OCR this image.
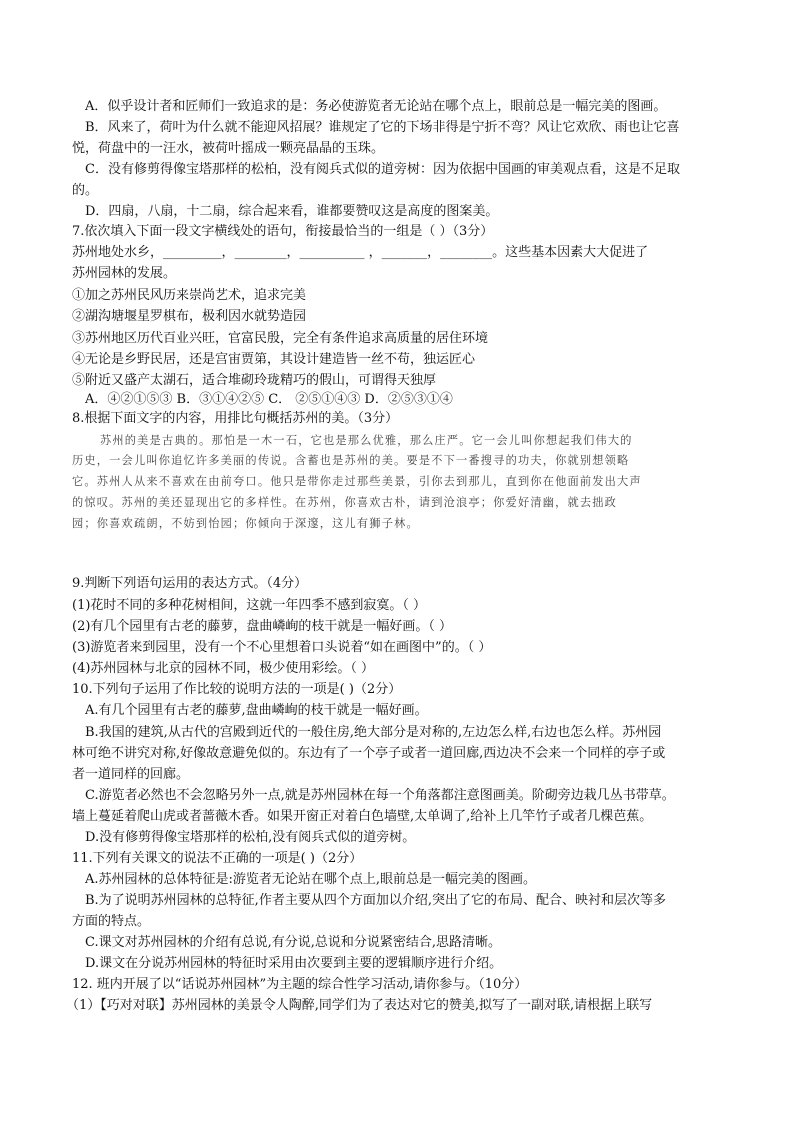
A．似乎设计者和匠师们一致追求的是：务必使游览者无论站在哪个点上，眼前总是一幅完美的图画。
B．风来了，荷叶为什么就不能迎风招展？谁规定了它的下场非得是宁折不弯？风让它欢欣、雨也让它喜
悦，荷盘中的一汪水，被荷叶摇成一颗亮晶晶的玉珠。
C．没有修剪得像宝塔那样的松柏，没有阅兵式似的道旁树：因为依据中国画的审美观点看，这是不足取
的。
D．四扇，八扇，十二扇，综合起来看，谁都要赞叹这是高度的图案美。
7.依次填入下面一段文字横线处的语句，衔接最恰当的一组是（ ）（3分）
苏州地处水乡，_________，________，__________ ，_______，________。这些基本因素大大促进了
苏州园林的发展。
①加之苏州民风历来崇尚艺术，追求完美
②湖沟塘堰星罗棋布，极利因水就势造园
③苏州地区历代百业兴旺，官富民殷，完全有条件追求高质量的居住环境
④无论是乡野民居，还是宫宙贾第，其设计建造皆一丝不苟，独运匠心
⑤附近又盛产太湖石，适合堆砌玲珑精巧的假山，可谓得天独厚
A．④②①⑤③ B．③①④②⑤ C． ②⑤①④③ D．②⑤③①④
8.根据下面文字的内容，用排比句概括苏州的美。（3分）
苏州的美是古典的。那怕是一木一石，它也是那么优雅，那么庄严。它一会儿叫你想起我们伟大的
历史，一会儿叫你追忆许多美丽的传说。含蓄也是苏州的美。要是不下一番搜寻的功夫，你就别想领略
它。苏州人从来不喜欢在由前夸口。他只是带你走过那些美景，引你去到那儿，直到你在他面前发出大声
的惊叹。苏州的美还显现出它的多样性。在苏州，你喜欢古朴，请到沧浪亭；你爱好清幽，就去拙政
园；你喜欢疏朗，不妨到怡园；你倾向于深邃，这儿有狮子林。
9.判断下列语句运用的表达方式。（4分）
(1)花时不同的多种花树相间，这就一年四季不感到寂寞。（ ）
(2)有几个园里有古老的藤萝，盘曲嶙峋的枝干就是一幅好画。（ ）
(3)游览者来到园里，没有一个不心里想着口头说着“如在画图中”的。（ ）
(4)苏州园林与北京的园林不同，极少使用彩绘。（ ）
10.下列句子运用了作比较的说明方法的一项是( )（2分）
A.有几个园里有古老的藤萝,盘曲嶙峋的枝干就是一幅好画。
B.我国的建筑,从古代的宫殿到近代的一般住房,绝大部分是对称的,左边怎么样,右边也怎么样。苏州园
林可绝不讲究对称,好像故意避免似的。东边有了一个亭子或者一道回廊,西边决不会来一个同样的亭子或
者一道同样的回廊。
C.游览者必然也不会忽略另外一点,就是苏州园林在每一个角落都注意图画美。阶砌旁边栽几丛书带草。
墙上蔓延着爬山虎或者蔷薇木香。如果开窗正对着白色墙壁,太单调了,给补上几竿竹子或者几棵芭蕉。
D.没有修剪得像宝塔那样的松柏,没有阅兵式似的道旁树。
11.下列有关课文的说法不正确的一项是( )（2分）
A.苏州园林的总体特征是:游览者无论站在哪个点上,眼前总是一幅完美的图画。
B.为了说明苏州园林的总特征,作者主要从四个方面加以介绍,突出了它的布局、配合、映衬和层次等多
方面的特点。
C.课文对苏州园林的介绍有总说,有分说,总说和分说紧密结合,思路清晰。
D.课文在分说苏州园林的特征时采用由次要到主要的逻辑顺序进行介绍。
12. 班内开展了以“话说苏州园林”为主题的综合性学习活动,请你参与。（10分）
（1）【巧对对联】苏州园林的美景令人陶醉,同学们为了表达对它的赞美,拟写了一副对联,请根据上联写
